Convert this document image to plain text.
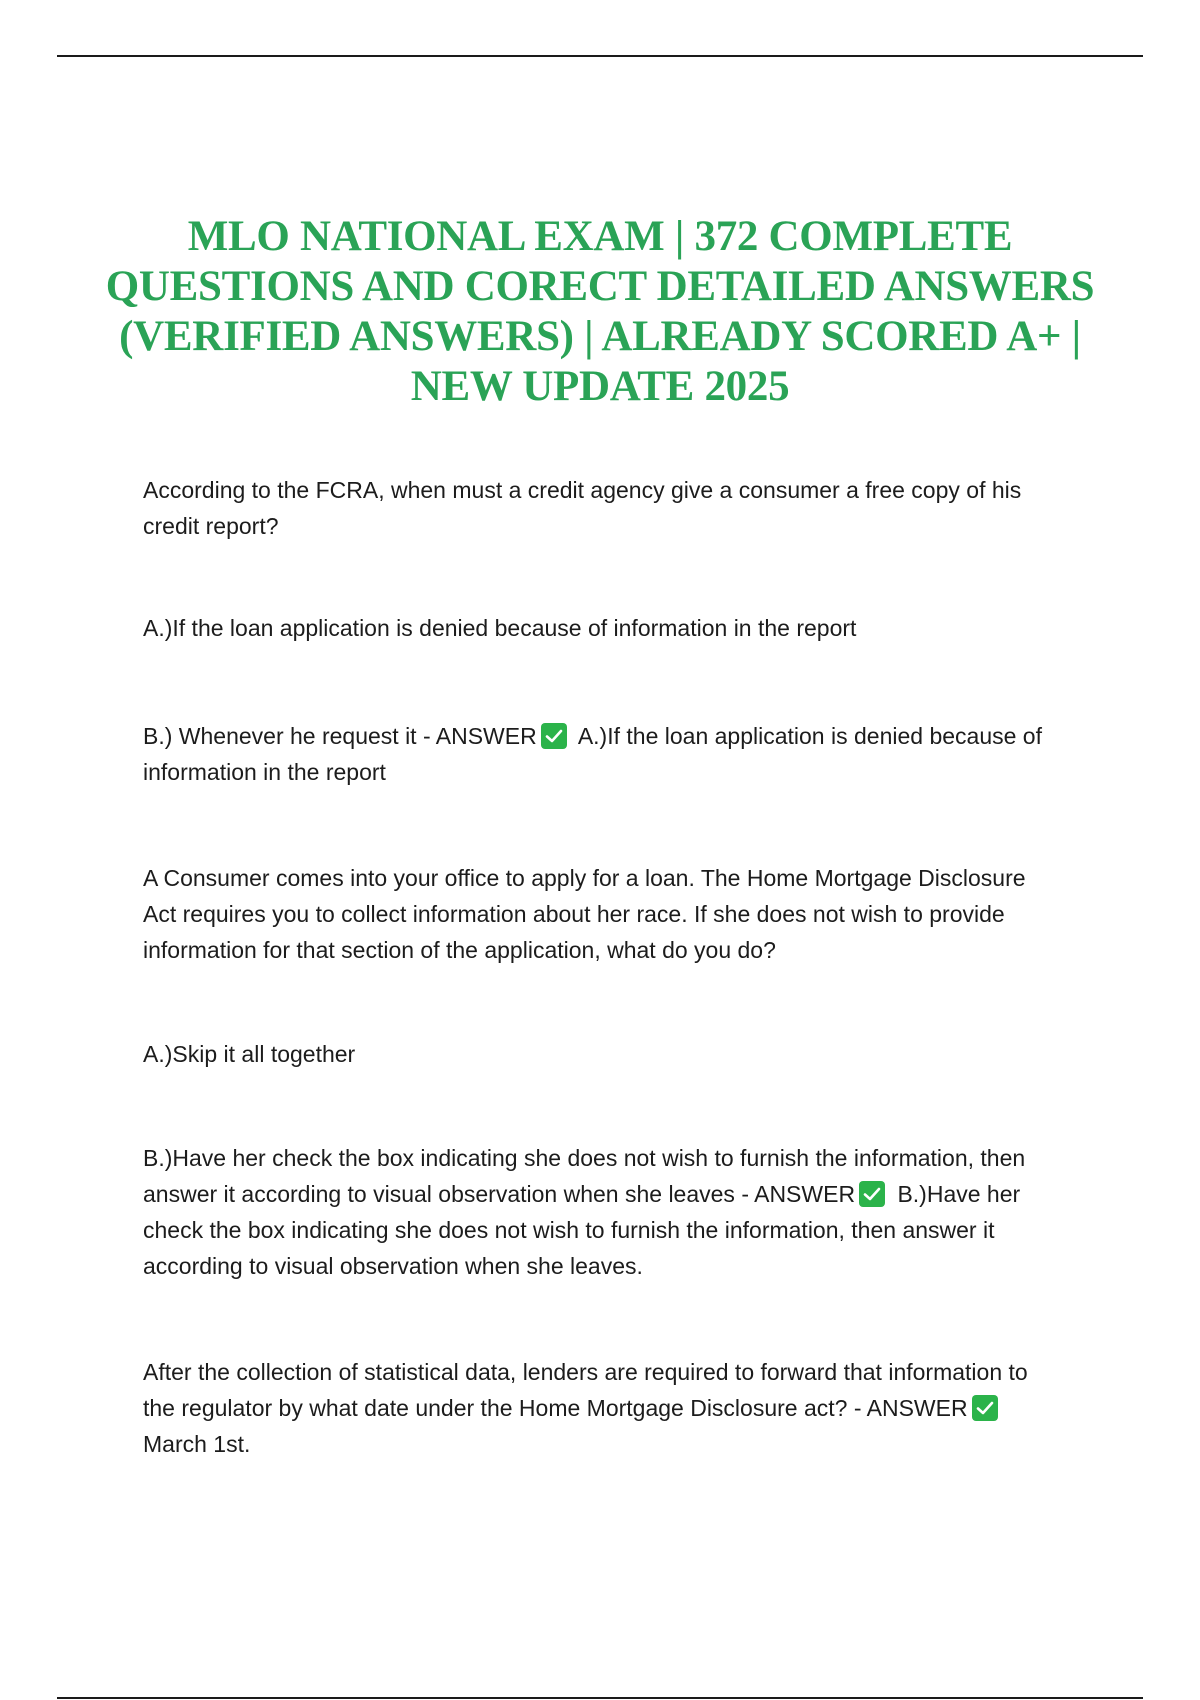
MLO NATIONAL EXAM | 372 COMPLETE QUESTIONS AND CORECT DETAILED ANSWERS (VERIFIED ANSWERS) | ALREADY SCORED A+ | NEW UPDATE 2025

According to the FCRA, when must a credit agency give a consumer a free copy of his credit report?

A.)If the loan application is denied because of information in the report

B.) Whenever he request it - ANSWER A.)If the loan application is denied because of information in the report

A Consumer comes into your office to apply for a loan. The Home Mortgage Disclosure Act requires you to collect information about her race. If she does not wish to provide information for that section of the application, what do you do?

A.)Skip it all together

B.)Have her check the box indicating she does not wish to furnish the information, then answer it according to visual observation when she leaves - ANSWER B.)Have her check the box indicating she does not wish to furnish the information, then answer it according to visual observation when she leaves.

After the collection of statistical data, lenders are required to forward that information to the regulator by what date under the Home Mortgage Disclosure act? - ANSWER
March 1st.
